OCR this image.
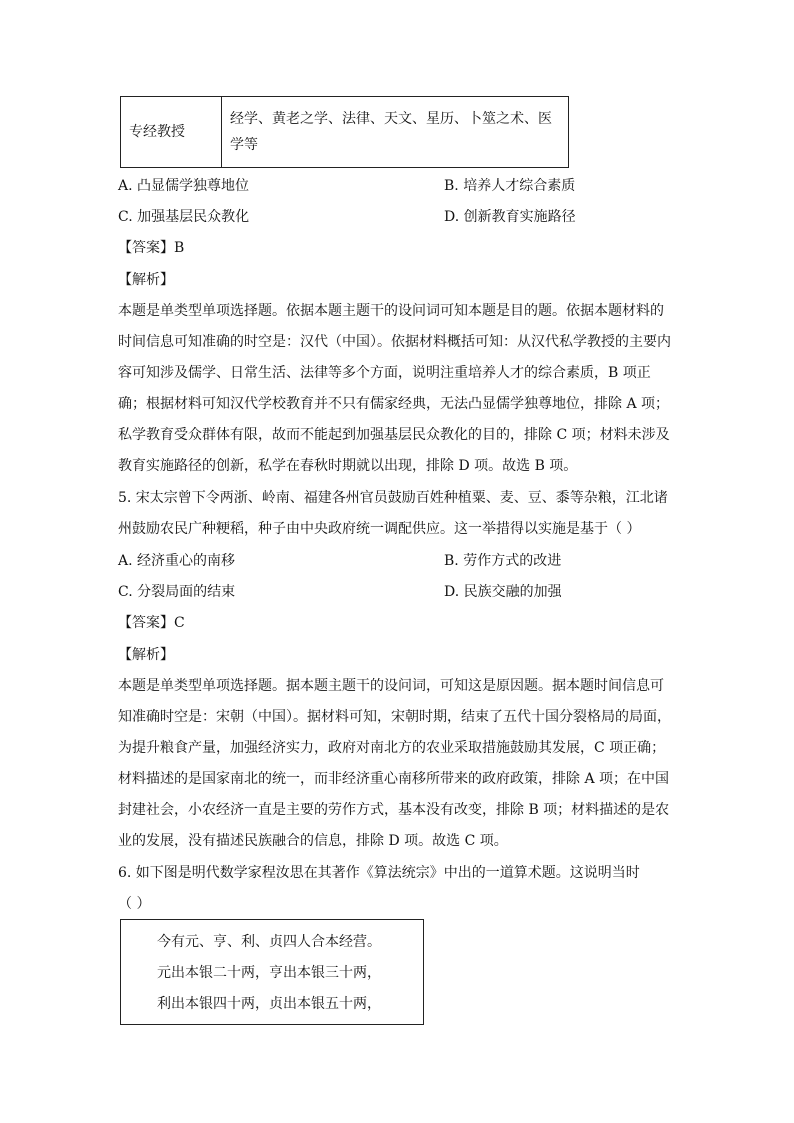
专经教授	经学、黄老之学、法律、天文、星历、卜筮之术、医学等
A. 凸显儒学独尊地位	B. 培养人才综合素质
C. 加强基层民众教化	D. 创新教育实施路径
【答案】B
【解析】
本题是单类型单项选择题。依据本题主题干的设问词可知本题是目的题。依据本题材料的
时间信息可知准确的时空是：汉代（中国）。依据材料概括可知：从汉代私学教授的主要内
容可知涉及儒学、日常生活、法律等多个方面，说明注重培养人才的综合素质，B 项正
确；根据材料可知汉代学校教育并不只有儒家经典，无法凸显儒学独尊地位，排除 A 项；
私学教育受众群体有限，故而不能起到加强基层民众教化的目的，排除 C 项；材料未涉及
教育实施路径的创新，私学在春秋时期就以出现，排除 D 项。故选 B 项。
5. 宋太宗曾下令两浙、岭南、福建各州官员鼓励百姓种植粟、麦、豆、黍等杂粮，江北诸
州鼓励农民广种粳稻，种子由中央政府统一调配供应。这一举措得以实施是基于（ ）
A. 经济重心的南移	B. 劳作方式的改进
C. 分裂局面的结束	D. 民族交融的加强
【答案】C
【解析】
本题是单类型单项选择题。据本题主题干的设问词，可知这是原因题。据本题时间信息可
知准确时空是：宋朝（中国）。据材料可知，宋朝时期，结束了五代十国分裂格局的局面，
为提升粮食产量，加强经济实力，政府对南北方的农业采取措施鼓励其发展，C 项正确；
材料描述的是国家南北的统一，而非经济重心南移所带来的政府政策，排除 A 项；在中国
封建社会，小农经济一直是主要的劳作方式，基本没有改变，排除 B 项；材料描述的是农
业的发展，没有描述民族融合的信息，排除 D 项。故选 C 项。
6. 如下图是明代数学家程汝思在其著作《算法统宗》中出的一道算术题。这说明当时
（ ）
今有元、亨、利、贞四人合本经营。
元出本银二十两，亨出本银三十两，
利出本银四十两，贞出本银五十两，
